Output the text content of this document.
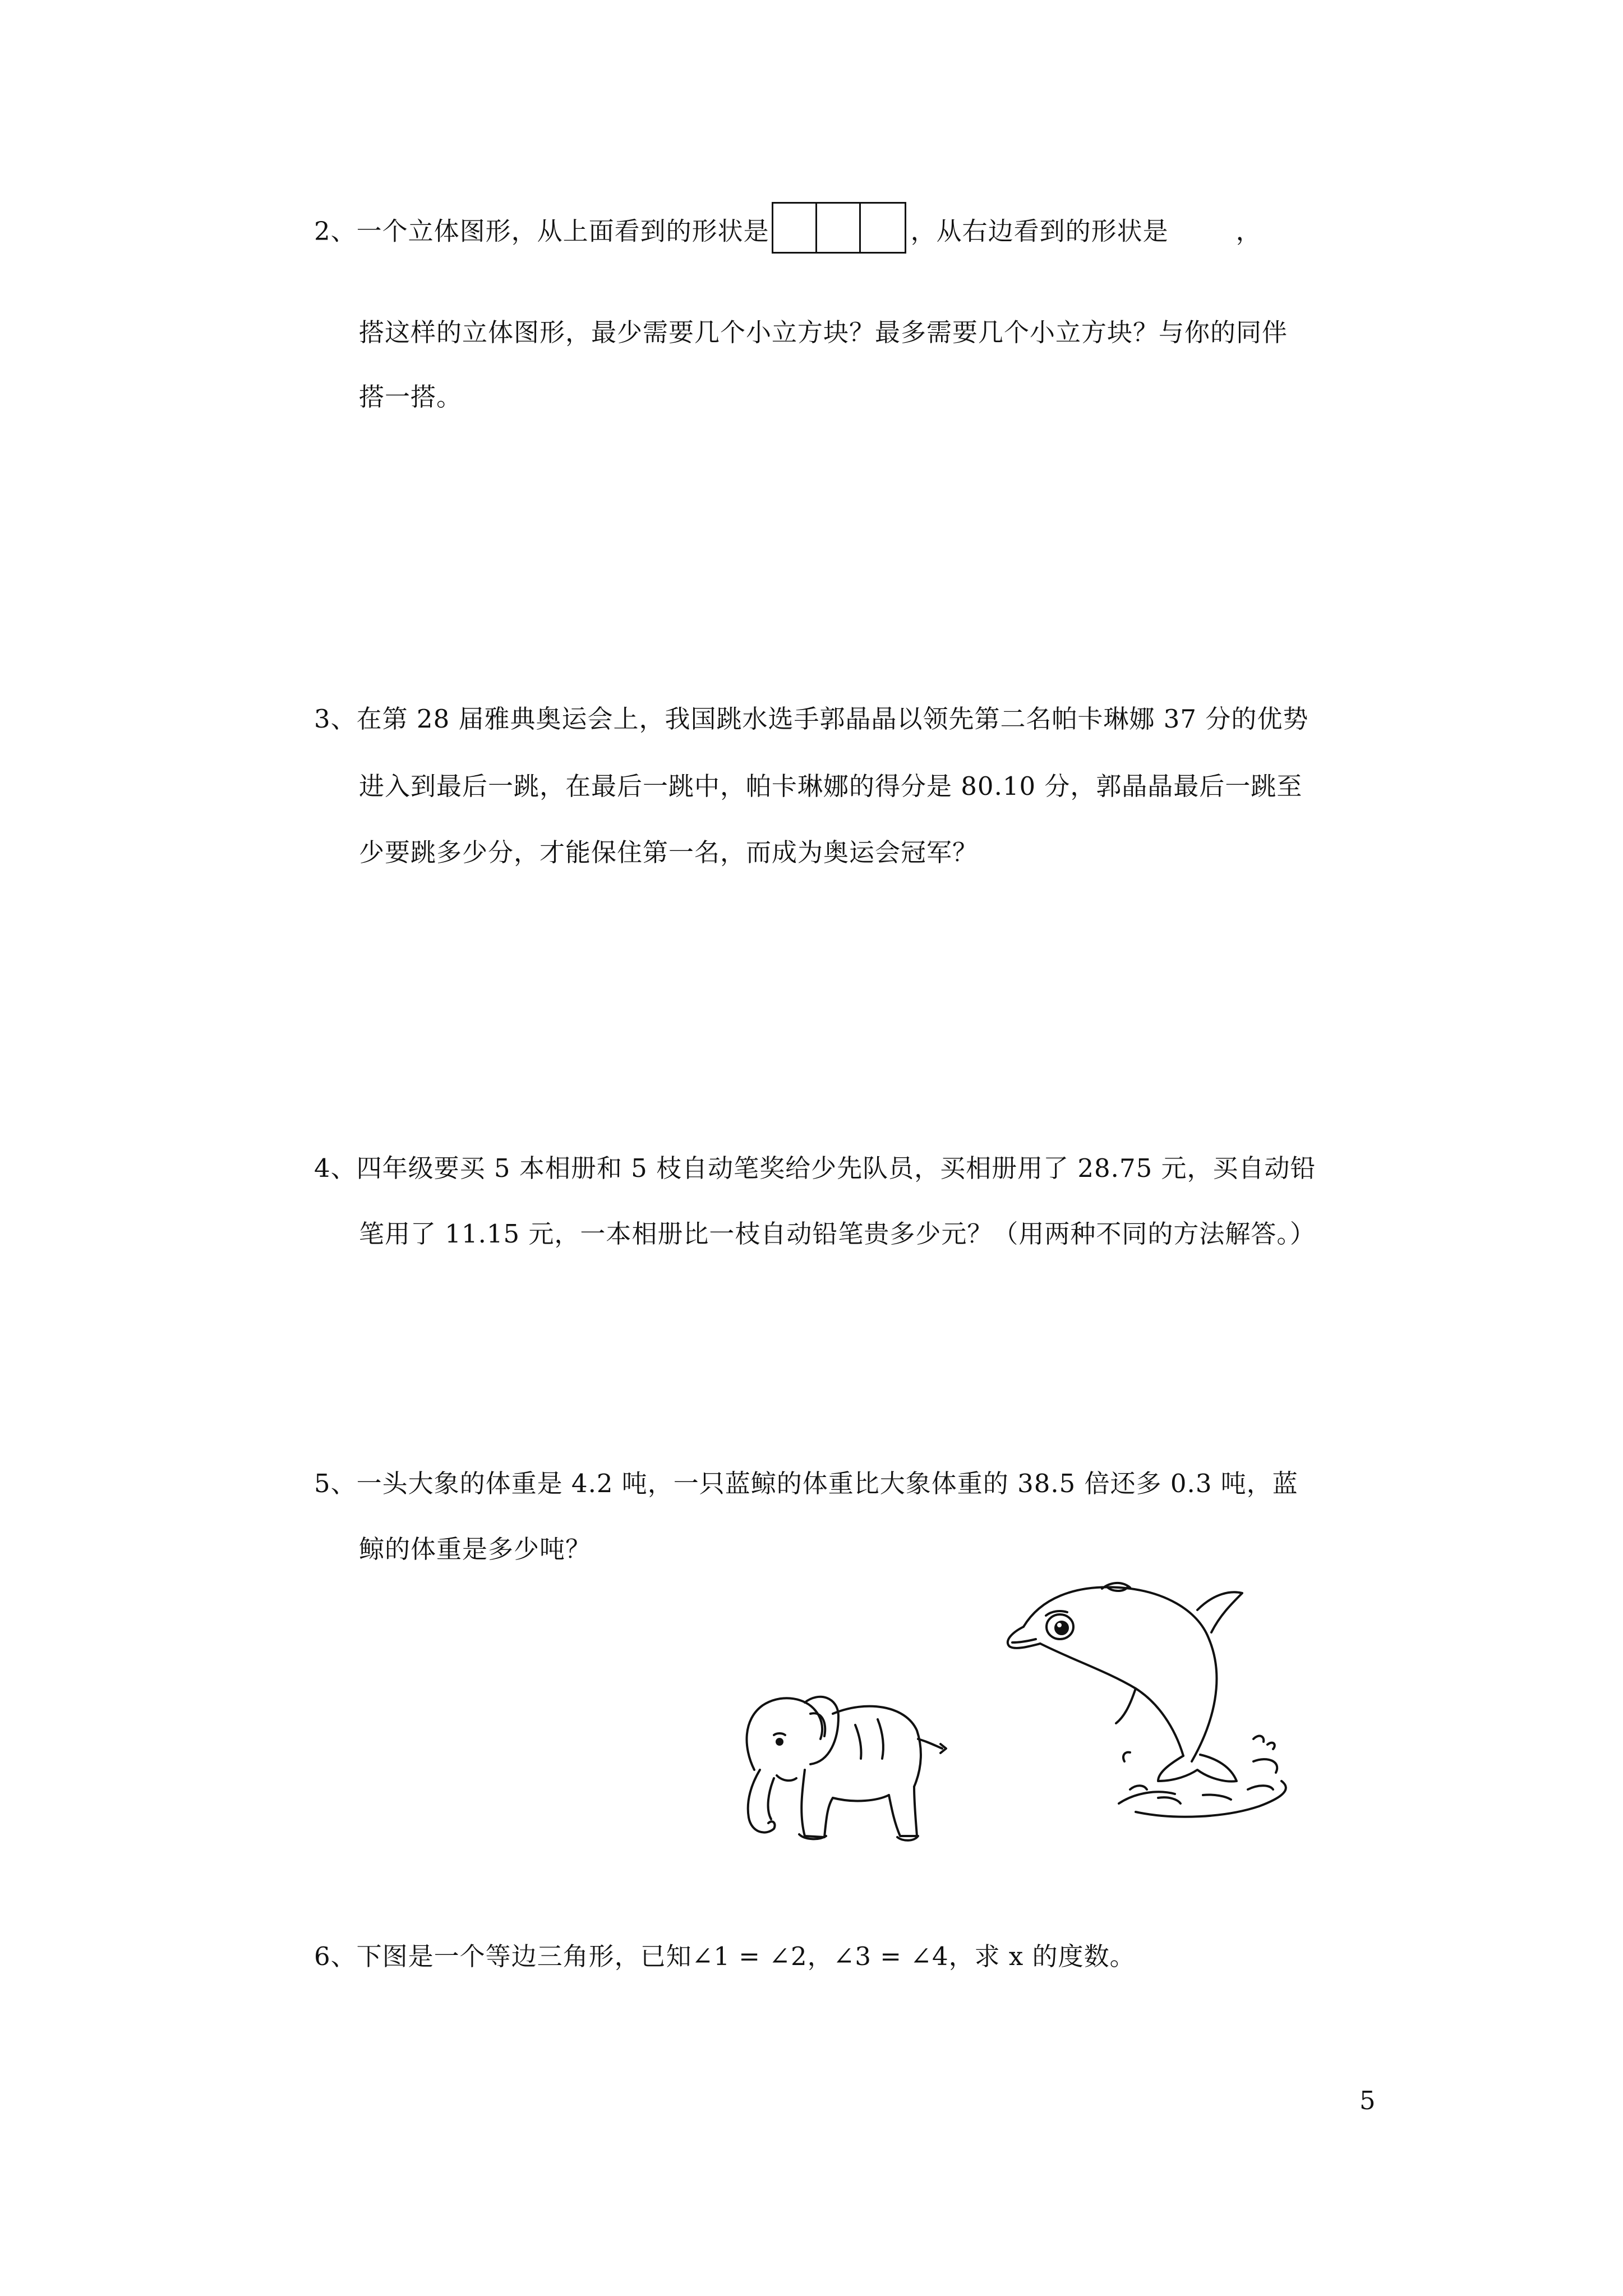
2、一个立体图形，从上面看到的形状是	，从右边看到的形状是	，
搭这样的立体图形，最少需要几个小立方块？最多需要几个小立方块？与你的同伴
搭一搭。
3、在第 28 届雅典奥运会上，我国跳水选手郭晶晶以领先第二名帕卡琳娜 37 分的优势
进入到最后一跳，在最后一跳中，帕卡琳娜的得分是 80.10 分，郭晶晶最后一跳至
少要跳多少分，才能保住第一名，而成为奥运会冠军？
4、四年级要买 5 本相册和 5 枝自动笔奖给少先队员，买相册用了 28.75 元，买自动铅
笔用了 11.15 元，一本相册比一枝自动铅笔贵多少元？（用两种不同的方法解答。）
5、一头大象的体重是 4.2 吨，一只蓝鲸的体重比大象体重的 38.5 倍还多 0.3 吨，蓝
鲸的体重是多少吨？
6、下图是一个等边三角形，已知∠1 = ∠2，∠3 = ∠4，求 x 的度数。
5
